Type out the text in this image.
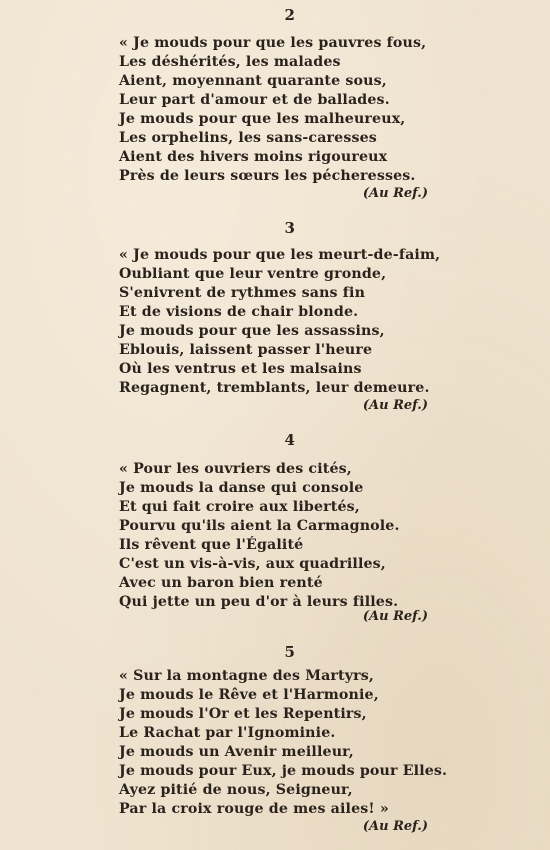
2
« Je mouds pour que les pauvres fous,
Les déshérités, les malades
Aient, moyennant quarante sous,
Leur part d'amour et de ballades.
Je mouds pour que les malheureux,
Les orphelins, les sans-caresses
Aient des hivers moins rigoureux
Près de leurs sœurs les pécheresses.
(Au Ref.)
3
« Je mouds pour que les meurt-de-faim,
Oubliant que leur ventre gronde,
S'enivrent de rythmes sans fin
Et de visions de chair blonde.
Je mouds pour que les assassins,
Eblouis, laissent passer l'heure
Où les ventrus et les malsains
Regagnent, tremblants, leur demeure.
(Au Ref.)
4
« Pour les ouvriers des cités,
Je mouds la danse qui console
Et qui fait croire aux libertés,
Pourvu qu'ils aient la Carmagnole.
Ils rêvent que l'Égalité
C'est un vis-à-vis, aux quadrilles,
Avec un baron bien renté
Qui jette un peu d'or à leurs filles.
(Au Ref.)
5
« Sur la montagne des Martyrs,
Je mouds le Rêve et l'Harmonie,
Je mouds l'Or et les Repentirs,
Le Rachat par l'Ignominie.
Je mouds un Avenir meilleur,
Je mouds pour Eux, je mouds pour Elles.
Ayez pitié de nous, Seigneur,
Par la croix rouge de mes ailes! »
(Au Ref.)
